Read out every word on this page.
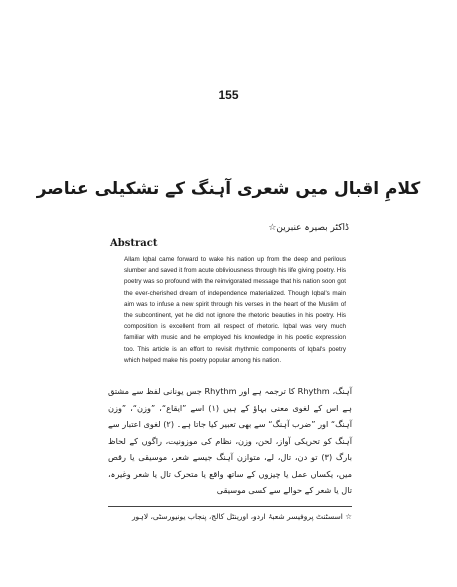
155
کلامِ اقبال میں شعری آہنگ کے تشکیلی عناصر
ڈاکٹر بصیرہ عنبرین☆
Abstract
Allam Iqbal came forward to wake his nation up from the deep and perilous slumber and saved it from acute obliviousness through his life giving poetry. His poetry was so profound with the reinvigorated message that his nation soon got the ever-cherished dream of independence materialized. Though Iqbal's main aim was to infuse a new spirit through his verses in the heart of the Muslim of the subcontinent, yet he did not ignore the rhetoric beauties in his poetry. His composition is excellent from all respect of rhetoric. Iqbal was very much familiar with music and he employed his knowledge in his poetic expression too. This article is an effort to revisit rhythmic components of Iqbal's poetry which helped make his poetry popular among his nation.
آہنگ، Rhythm کا ترجمہ ہے اور Rhythm جس یونانی لفظ سے مشتق ہے اس کے لغوی معنی بہاؤ کے ہیں (۱) اسے ”ایقاع“، ”وزن“، ”وزن آہنگ“ اور ”ضرب آہنگ“ سے بھی تعبیر کیا جاتا ہے۔ (۲) لغوی اعتبار سے آہنگ کو تحریکی آواز، لحن، وزن، نظام کی موزونیت، راگوں کے لحاظ بارگ (۳) تو دن، تال، لے، متوازن آہنگ جیسے شعر، موسیقی یا رقص میں، یکساں عمل یا چیزوں کے ساتھ واقع یا متحرک تال یا شعر وغیرہ، تال یا شعر کے حوالے سے کسی موسیقی
☆ اسسٹنٹ پروفیسر شعبۂ اردو، اورینٹل کالج، پنجاب یونیورسٹی، لاہور
